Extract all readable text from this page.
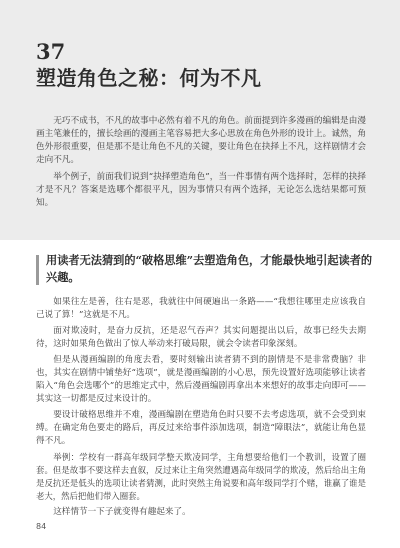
37
塑造角色之秘：何为不凡

无巧不成书，不凡的故事中必然有着不凡的角色。前面提到许多漫画的编辑是由漫画主笔兼任的，擅长绘画的漫画主笔容易把大多心思放在角色外形的设计上。诚然，角色外形很重要，但是那不是让角色不凡的关键，要让角色在抉择上不凡，这样剧情才会走向不凡。

举个例子，前面我们说到“抉择塑造角色”，当一件事情有两个选择时，怎样的抉择才是不凡？答案是选哪个都很平凡，因为事情只有两个选择，无论怎么选结果都可预知。

用读者无法猜到的“破格思维”去塑造角色，才能最快地引起读者的兴趣。

如果往左是善，往右是恶，我就往中间硬遍出一条路——“我想往哪里走应该我自己说了算！”这就是不凡。

面对欺凌时，是奋力反抗，还是忍气吞声？其实问题提出以后，故事已经失去期待，这时如果角色做出了惊人举动来打破局限，就会令读者印象深刻。

但是从漫画编剧的角度去看，要时刻输出读者猜不到的剧情是不是非常费脑？非也，其实在剧情中铺垫好“选项”，就是漫画编剧的小心思，预先设置好选项能够让读者陷入“角色会选哪个”的思维定式中，然后漫画编剧再拿出本来想好的故事走向即可——其实这一切都是反过来设计的。

要设计破格思维并不难，漫画编剧在塑造角色时只要不去考虑选项，就不会受到束缚。在确定角色要走的路后，再反过来给事件添加选项，制造“障眼法”，就能让角色显得不凡。

举例：学校有一群高年级同学整天欺凌同学，主角想要给他们一个教训，设置了圈套。但是故事不要这样去直叙，反过来让主角突然遭遇高年级同学的欺凌，然后给出主角是反抗还是低头的选项让读者猜测，此时突然主角说要和高年级同学打个赌，谁赢了谁是老大，然后把他们带入圈套。

这样情节一下子就变得有趣起来了。

84
